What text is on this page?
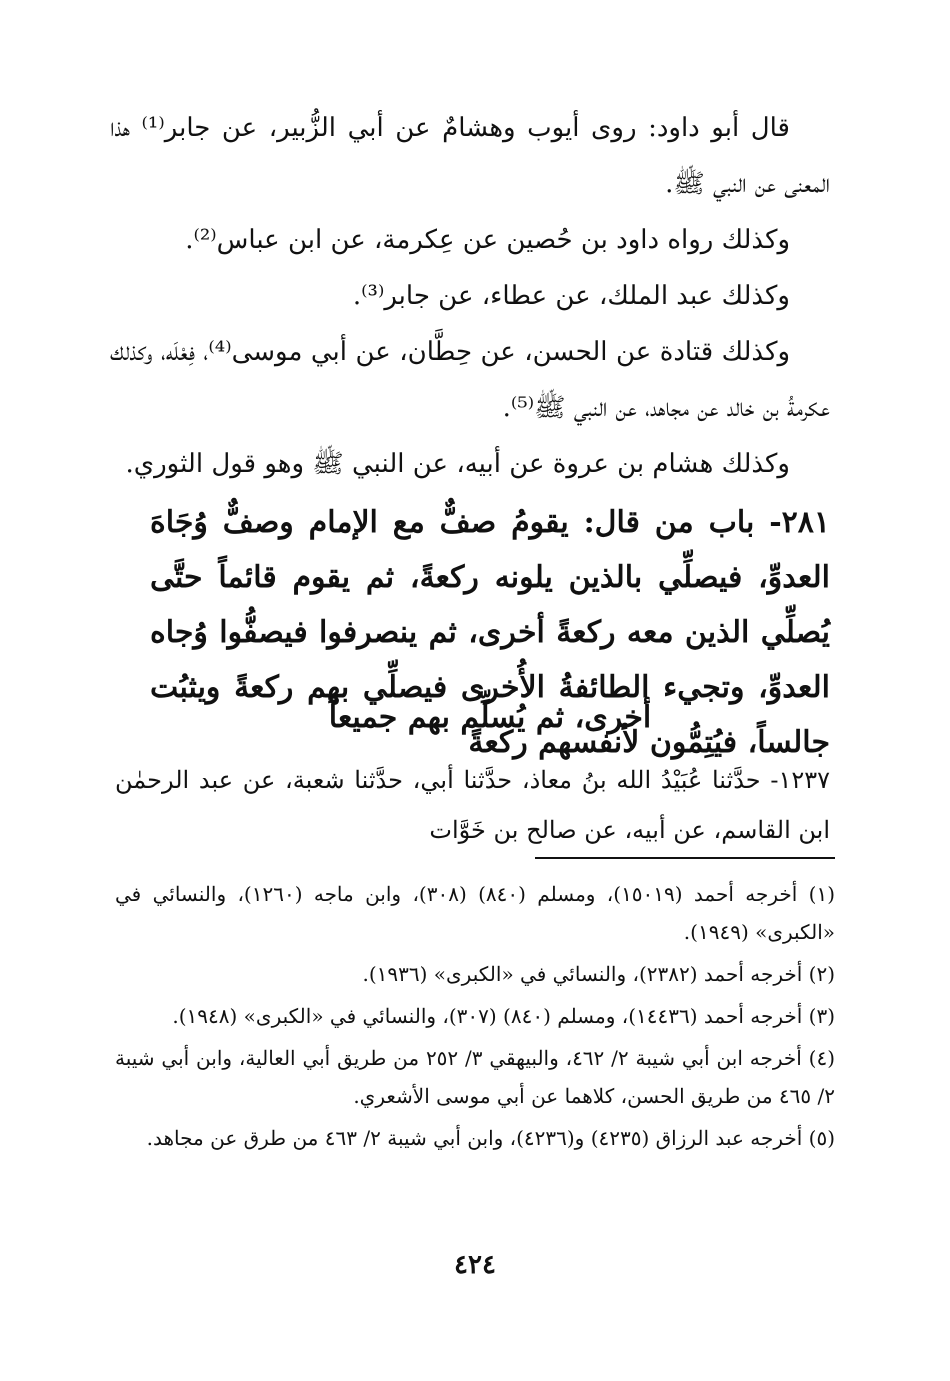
قال أبو داود: روى أيوب وهشامٌ عن أبي الزُّبير، عن جابر⁽¹⁾ هذا المعنى عن النبي ﷺ.

وكذلك رواه داود بن حُصين عن عِكرمة، عن ابن عباس⁽²⁾.

وكذلك عبد الملك، عن عطاء، عن جابر⁽³⁾.

وكذلك قتادة عن الحسن، عن حِطَّان، عن أبي موسى⁽⁴⁾، فِعْلَه، وكذلك عكرمةُ بن خالد عن مجاهد، عن النبي ﷺ⁽⁵⁾.

وكذلك هشام بن عروة عن أبيه، عن النبي ﷺ وهو قول الثوري.

٢٨١- باب من قال: يقومُ صفٌّ مع الإمام وصفٌّ وُجَاهَ العدوِّ، فيصلِّي بالذين يلونه ركعةً، ثم يقوم قائماً حتَّى يُصلِّي الذين معه ركعةً أخرى، ثم ينصرفوا فيصفُّوا وُجاه العدوِّ، وتجيء الطائفةُ الأُخرى فيصلِّي بهم ركعةً ويثبُت جالساً، فيُتِمُّون لأنفسهم ركعةً

أخرى، ثم يُسلِّم بهم جميعاً

١٢٣٧- حدَّثنا عُبَيْدُ الله بنُ معاذ، حدَّثنا أبي، حدَّثنا شعبة، عن عبد الرحمٰن ابن القاسم، عن أبيه، عن صالح بن خَوَّات

(١) أخرجه أحمد (١٥٠١٩)، ومسلم (٨٤٠) (٣٠٨)، وابن ماجه (١٢٦٠)، والنسائي في «الكبرى» (١٩٤٩).

(٢) أخرجه أحمد (٢٣٨٢)، والنسائي في «الكبرى» (١٩٣٦).

(٣) أخرجه أحمد (١٤٤٣٦)، ومسلم (٨٤٠) (٣٠٧)، والنسائي في «الكبرى» (١٩٤٨).

(٤) أخرجه ابن أبي شيبة ٢/ ٤٦٢، والبيهقي ٣/ ٢٥٢ من طريق أبي العالية، وابن أبي شيبة ٢/ ٤٦٥ من طريق الحسن، كلاهما عن أبي موسى الأشعري.

(٥) أخرجه عبد الرزاق (٤٢٣٥) و(٤٢٣٦)، وابن أبي شيبة ٢/ ٤٦٣ من طرق عن مجاهد.

٤٢٤
